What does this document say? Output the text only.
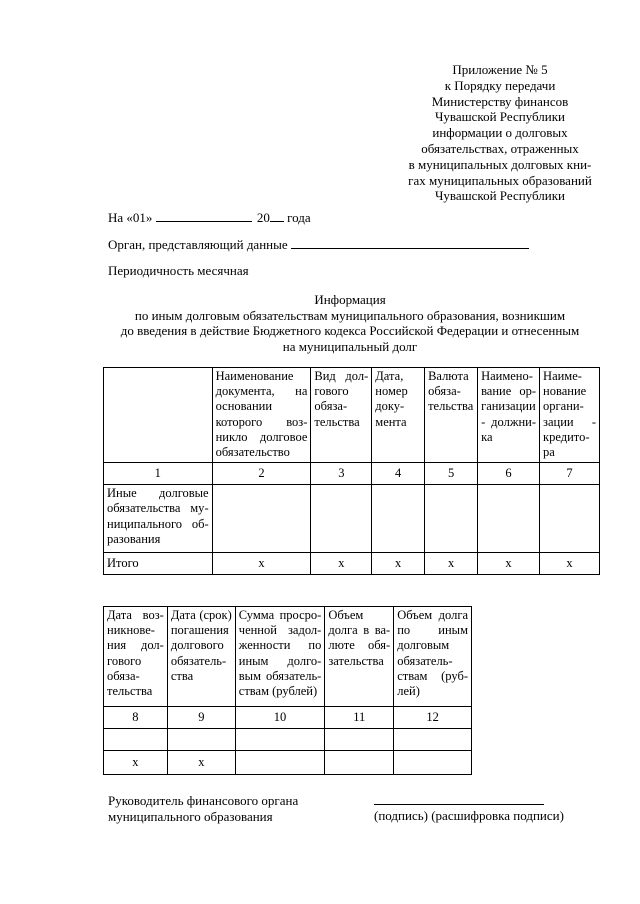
Приложение № 5
к Порядку передачи
Министерству финансов
Чувашской Республики
информации о долговых
обязательствах, отраженных
в муниципальных долговых кни-
гах муниципальных образований
Чувашской Республики
На «01»	20 года
Орган, представляющий данные
Периодичность месячная
Информация
по иным долговым обязательствам муниципального образования, возникшим
до введения в действие Бюджетного кодекса Российской Федерации и отнесенным
на муниципальный долг
	Наименование документа, на основании которого возникло долговое обязательство	Вид долгового обязательства	Дата, номер документа	Валюта обязательства	Наименование организации - должника	Наименование организации - кредитора
1	2	3	4	5	6	7
Иные долговые обязательства муниципального образования						
Итого	х	х	х	х	х	х
Дата возникновения долгового обязательства	Дата (срок) погашения долгового обязательства	Сумма просроченной задолженности по иным долговым обязательствам (рублей)	Объем долга в валюте обязательства	Объем долга по иным долговым обязательствам (рублей)
8	9	10	11	12

х	х			
Руководитель финансового органа
муниципального образования	(подпись) (расшифровка подписи)
